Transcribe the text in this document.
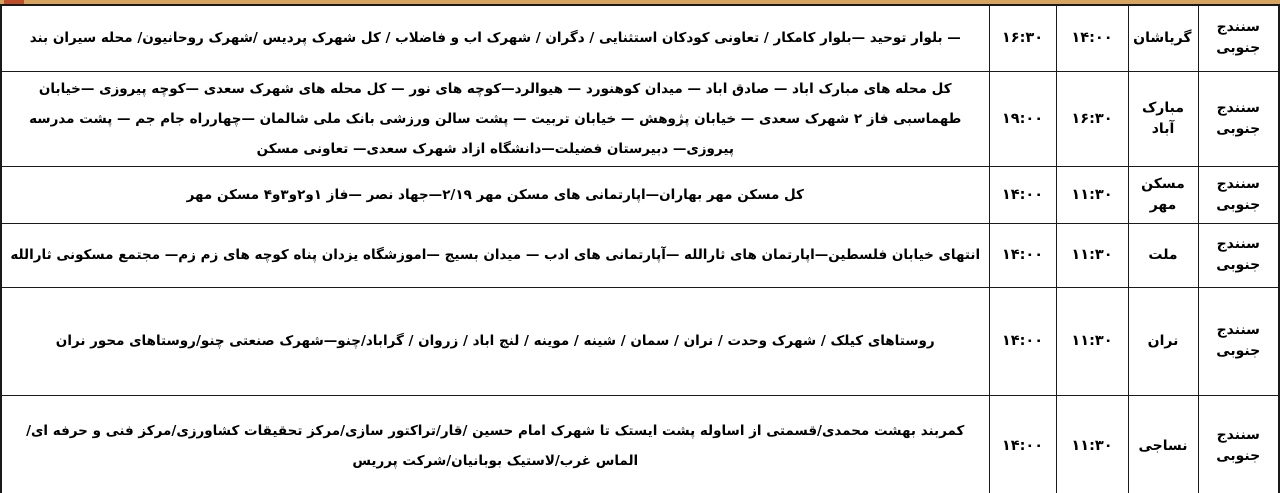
سنندج جنوبی	گریاشان	۱۴:۰۰	۱۶:۳۰	— بلوار توحید —بلوار کامکار / تعاونی کودکان استثنایی / دگران / شهرک اب و فاضلاب / کل شهرک پردیس /شهرک روحانیون/ محله سیران بند
سنندج جنوبی	مبارک آباد	۱۶:۳۰	۱۹:۰۰	کل محله های مبارک اباد — صادق اباد — میدان کوهنورد — هیوالرد—کوچه های نور — کل محله های شهرک سعدی —کوچه پیروزی —خیابان طهماسبی فاز ۲ شهرک سعدی — خیابان پژوهش — خیابان تربیت — پشت سالن ورزشی بانک ملی شالمان —چهارراه جام جم — پشت مدرسه پیروزی— دبیرستان فضیلت—دانشگاه ازاد شهرک سعدی— تعاونی مسکن
سنندج جنوبی	مسکن مهر	۱۱:۳۰	۱۴:۰۰	کل مسکن مهر بهاران—اپارتمانی های مسکن مهر ۲/۱۹—جهاد نصر —فاز ۱و۲و۳و۴ مسکن مهر
سنندج جنوبی	ملت	۱۱:۳۰	۱۴:۰۰	انتهای خیابان فلسطین—اپارتمان های ثارالله —آپارتمانی های ادب — میدان بسیج —اموزشگاه یزدان پناه کوچه های زم زم— مجتمع مسکونی ثارالله
سنندج جنوبی	نران	۱۱:۳۰	۱۴:۰۰	روستاهای کیلک / شهرک وحدت / نران / سمان / شینه / موینه / لنج اباد / زروان / گراباد/چنو—شهرک صنعتی چنو/روستاهای محور نران
سنندج جنوبی	نساجی	۱۱:۳۰	۱۴:۰۰	کمربند بهشت محمدی/قسمتی از اساوله پشت ایستک تا شهرک امام حسین /قار/تراکتور سازی/مرکز تحقیقات کشاورزی/مرکز فنی و حرفه ای/الماس غرب/لاستیک بوبانیان/شرکت پرریس
